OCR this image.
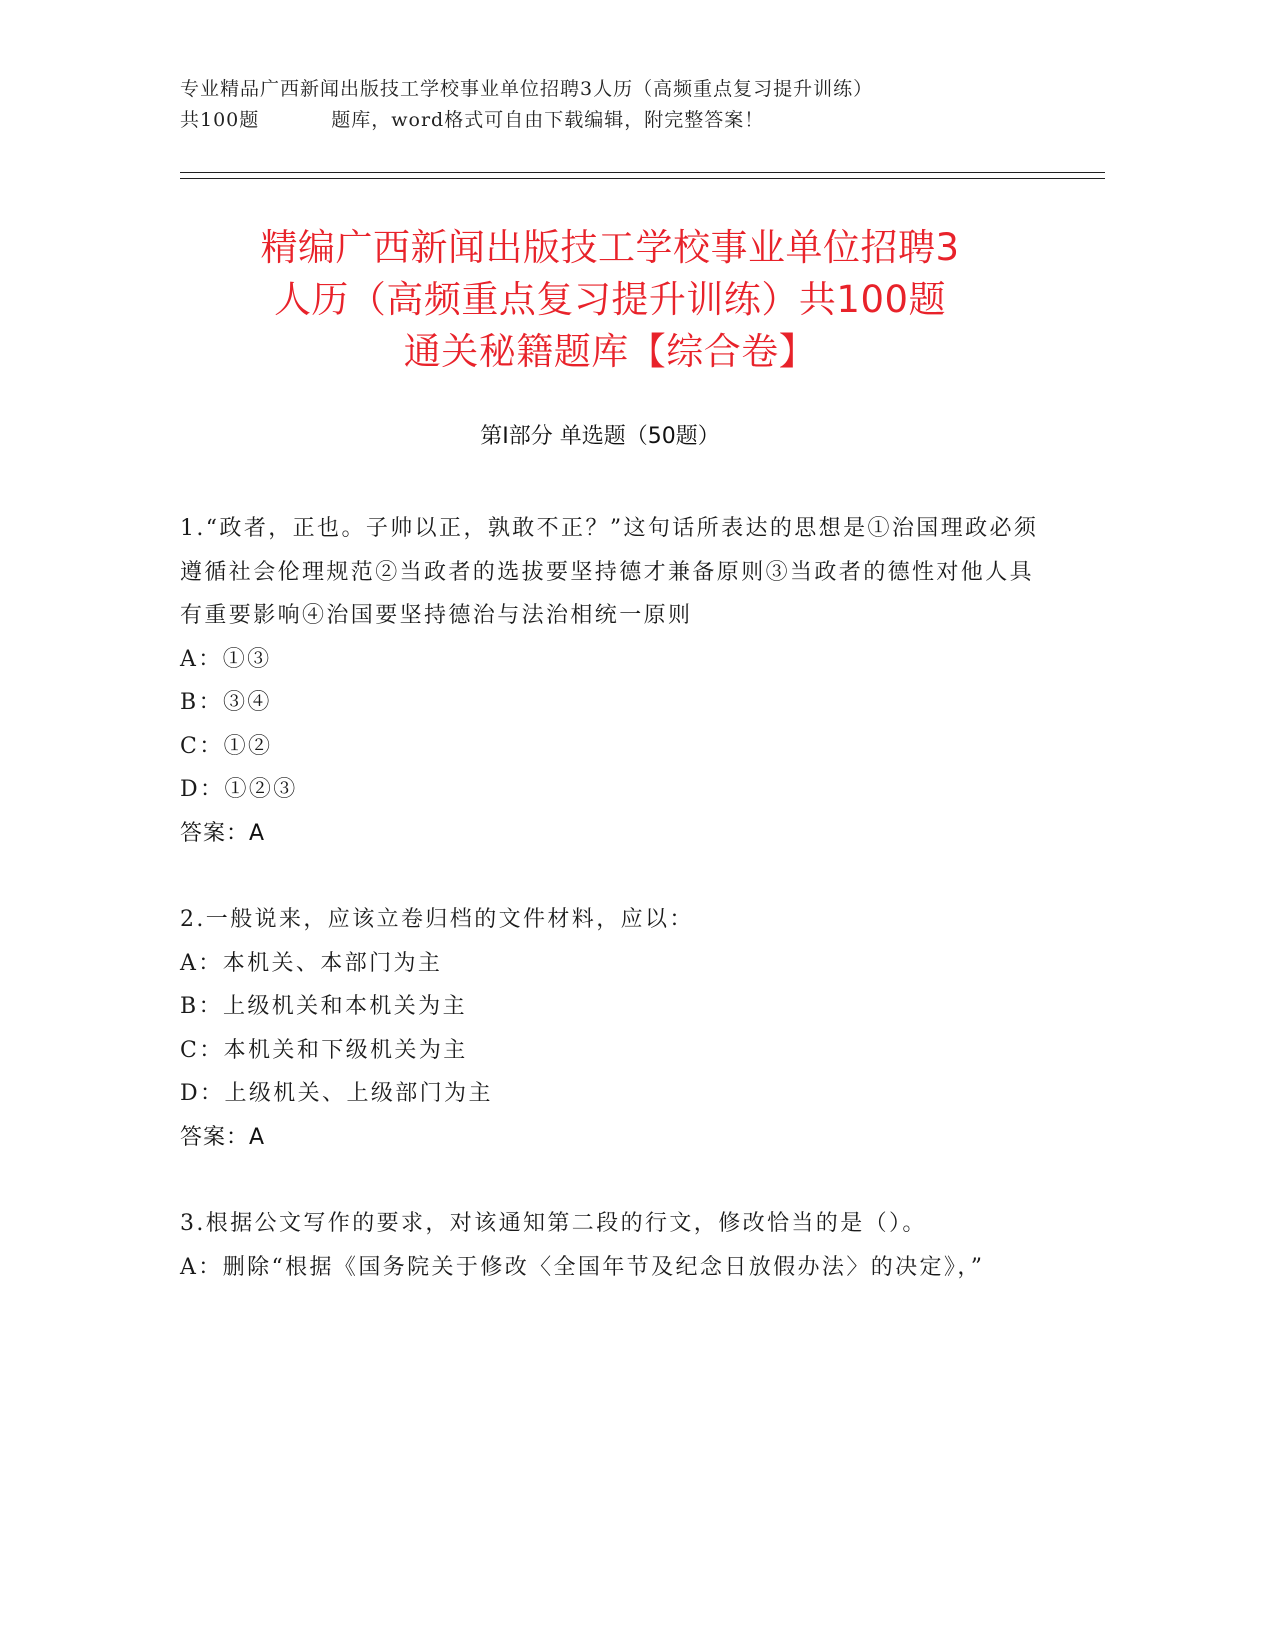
专业精品广西新闻出版技工学校事业单位招聘3人历（高频重点复习提升训练）
共100题	题库，word格式可自由下载编辑，附完整答案！
精编广西新闻出版技工学校事业单位招聘3
人历（高频重点复习提升训练）共100题
通关秘籍题库【综合卷】
第Ⅰ部分 单选题（50题）
1.“政者，正也。子帅以正，孰敢不正？”这句话所表达的思想是①治国理政必须遵循社会伦理规范②当政者的选拔要坚持德才兼备原则③当政者的德性对他人具有重要影响④治国要坚持德治与法治相统一原则
A：①③
B：③④
C：①②
D：①②③
答案：A
2.一般说来，应该立卷归档的文件材料，应以：
A：本机关、本部门为主
B：上级机关和本机关为主
C：本机关和下级机关为主
D：上级机关、上级部门为主
答案：A
3.根据公文写作的要求，对该通知第二段的行文，修改恰当的是（）。
A：删除“根据《国务院关于修改〈全国年节及纪念日放假办法〉的决定》，”
